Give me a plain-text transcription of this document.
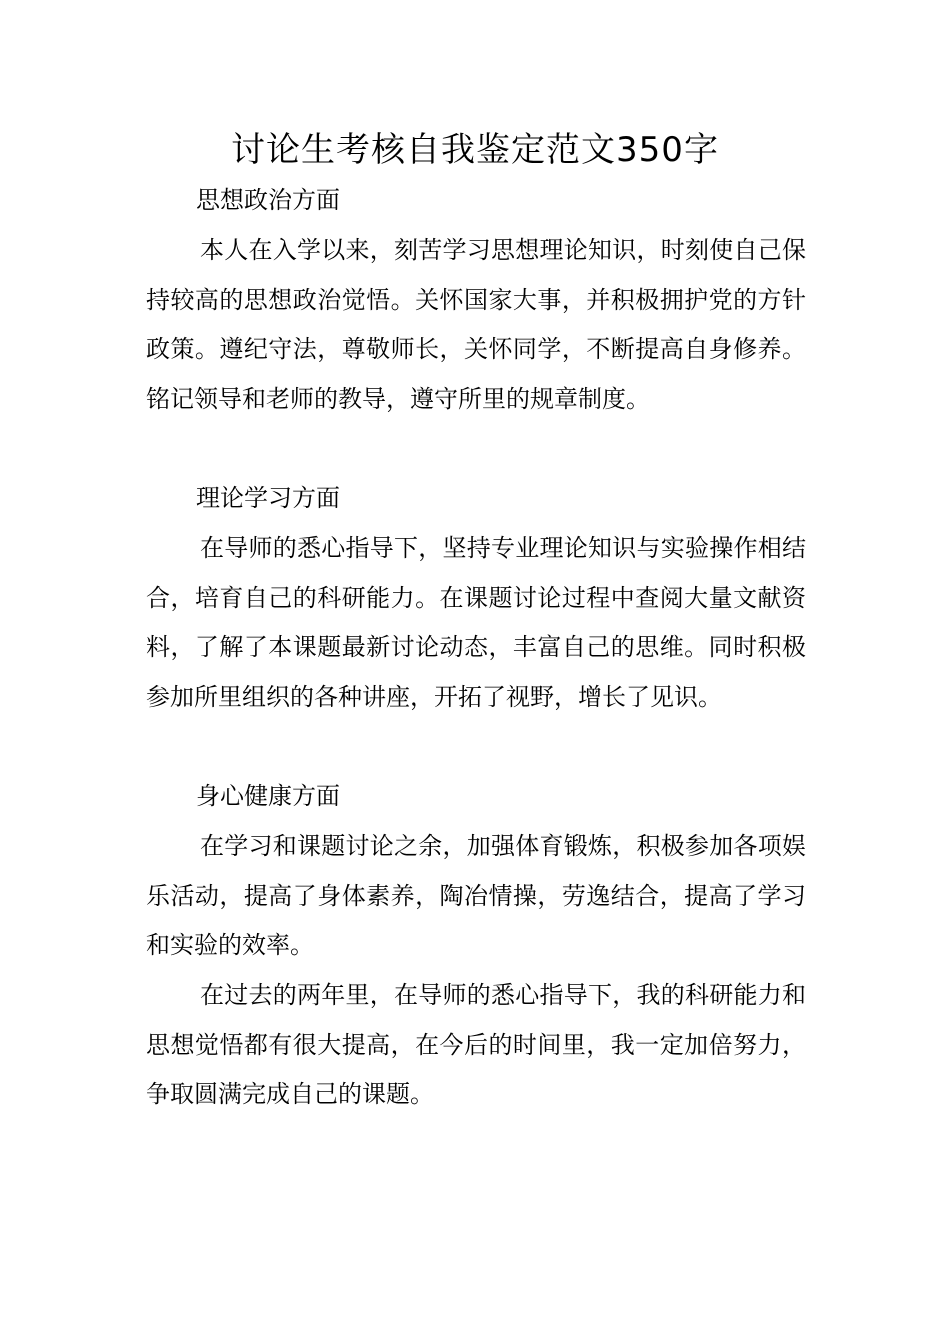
讨论生考核自我鉴定范文350字
思想政治方面

本人在入学以来，刻苦学习思想理论知识，时刻使自己保持较高的思想政治觉悟。关怀国家大事，并积极拥护党的方针政策。遵纪守法，尊敬师长，关怀同学，不断提高自身修养。铭记领导和老师的教导，遵守所里的规章制度。

理论学习方面

在导师的悉心指导下，坚持专业理论知识与实验操作相结合，培育自己的科研能力。在课题讨论过程中查阅大量文献资料，了解了本课题最新讨论动态，丰富自己的思维。同时积极参加所里组织的各种讲座，开拓了视野，增长了见识。

身心健康方面

在学习和课题讨论之余，加强体育锻炼，积极参加各项娱乐活动，提高了身体素养，陶冶情操，劳逸结合，提高了学习和实验的效率。

在过去的两年里，在导师的悉心指导下，我的科研能力和思想觉悟都有很大提高，在今后的时间里，我一定加倍努力，争取圆满完成自己的课题。
